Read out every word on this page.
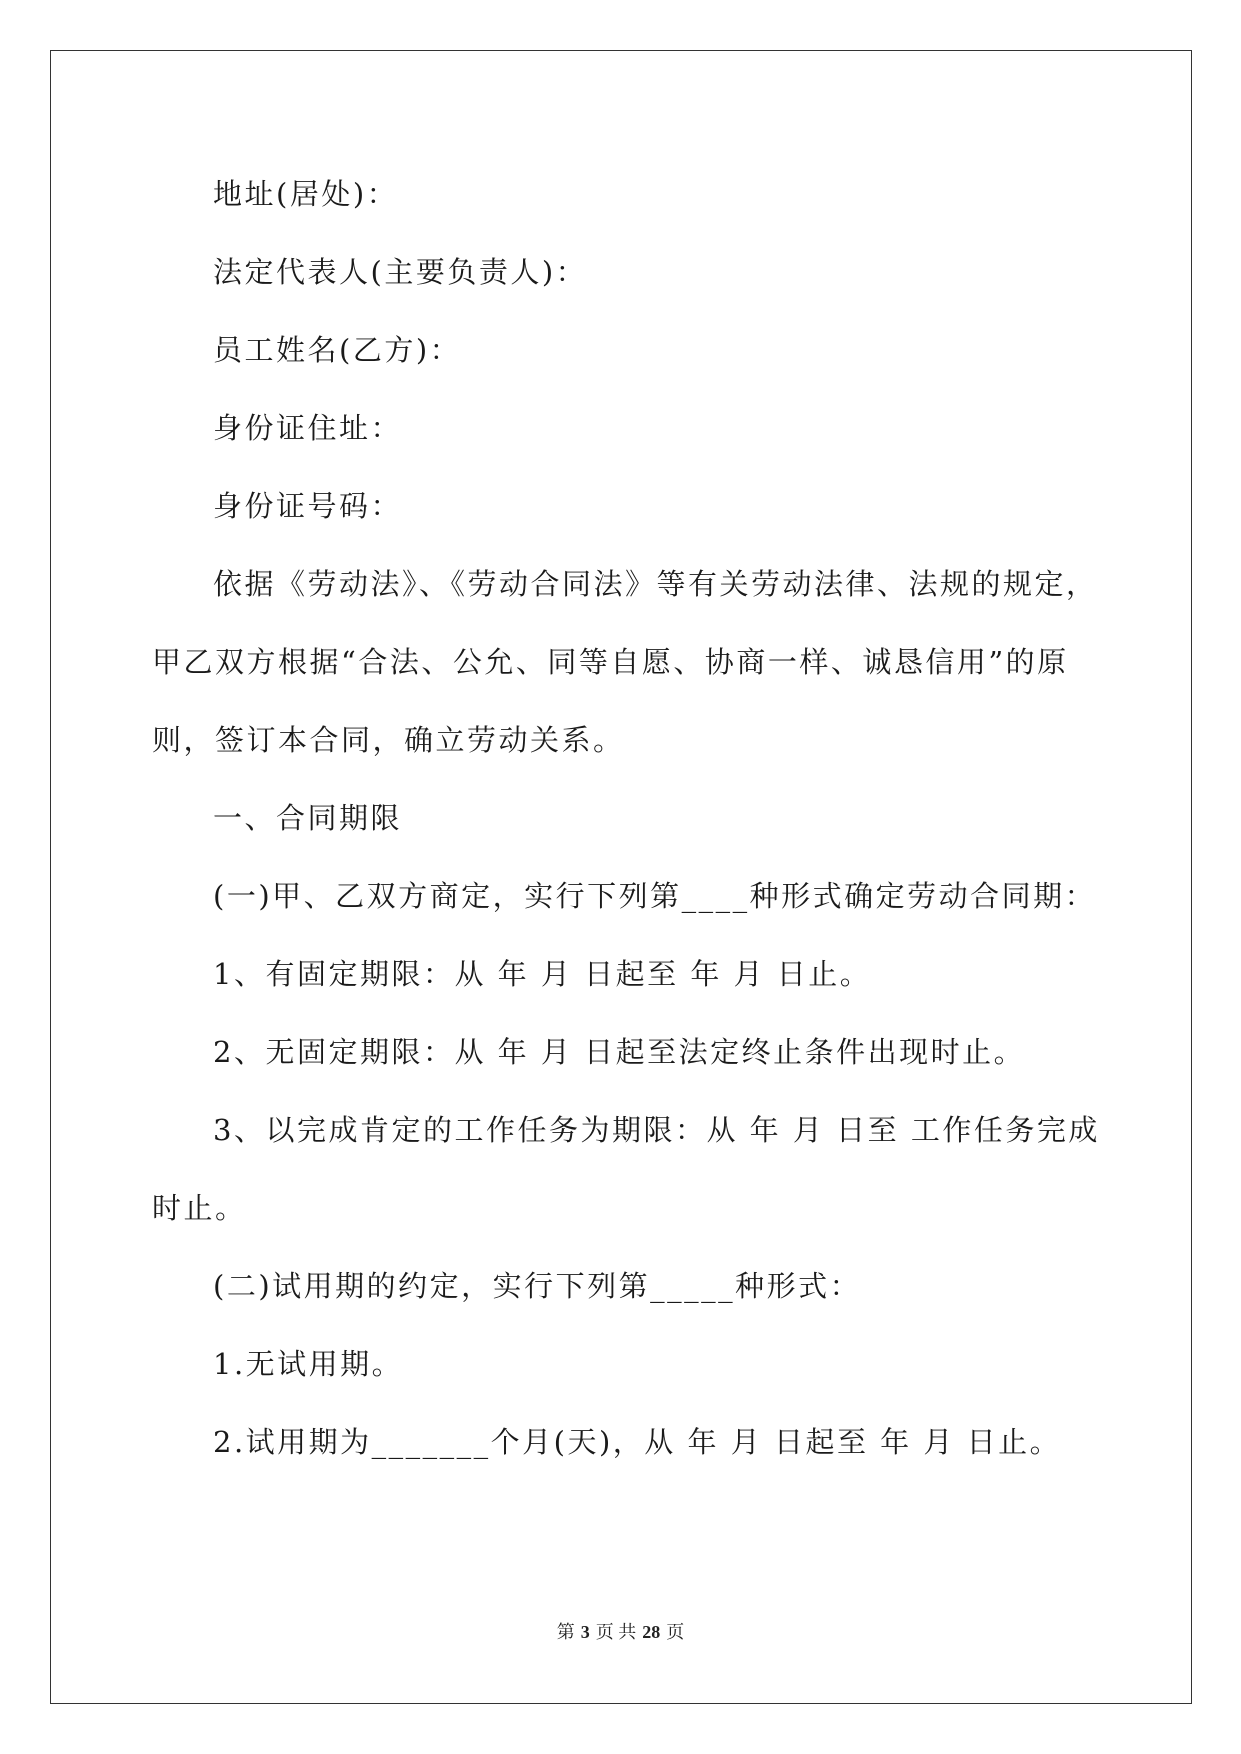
地址(居处)：
法定代表人(主要负责人)：
员工姓名(乙方)：
身份证住址：
身份证号码：
依据《劳动法》、《劳动合同法》等有关劳动法律、法规的规定，
甲乙双方根据“合法、公允、同等自愿、协商一样、诚恳信用”的原
则，签订本合同，确立劳动关系。
一、合同期限
(一)甲、乙双方商定，实行下列第____种形式确定劳动合同期：
1、有固定期限：从 年 月 日起至 年 月 日止。
2、无固定期限：从 年 月 日起至法定终止条件出现时止。
3、以完成肯定的工作任务为期限：从 年 月 日至 工作任务完成
时止。
(二)试用期的约定，实行下列第_____种形式：
1.无试用期。
2.试用期为_______个月(天)，从 年 月 日起至 年 月 日止。
第 3 页 共 28 页
